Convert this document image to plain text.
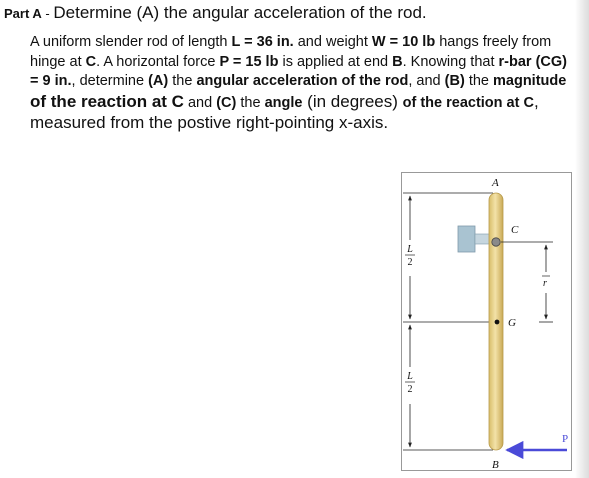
Part A - Determine (A) the angular acceleration of the rod.
A uniform slender rod of length L = 36 in. and weight W = 10 lb hangs freely from hinge at C. A horizontal force P = 15 lb is applied at end B. Knowing that r-bar (CG) = 9 in., determine (A) the angular acceleration of the rod, and (B) the magnitude of the reaction at C and (C) the angle (in degrees) of the reaction at C, measured from the postive right-pointing x-axis.
L
2
L
2
A
C
G
r
B
P
